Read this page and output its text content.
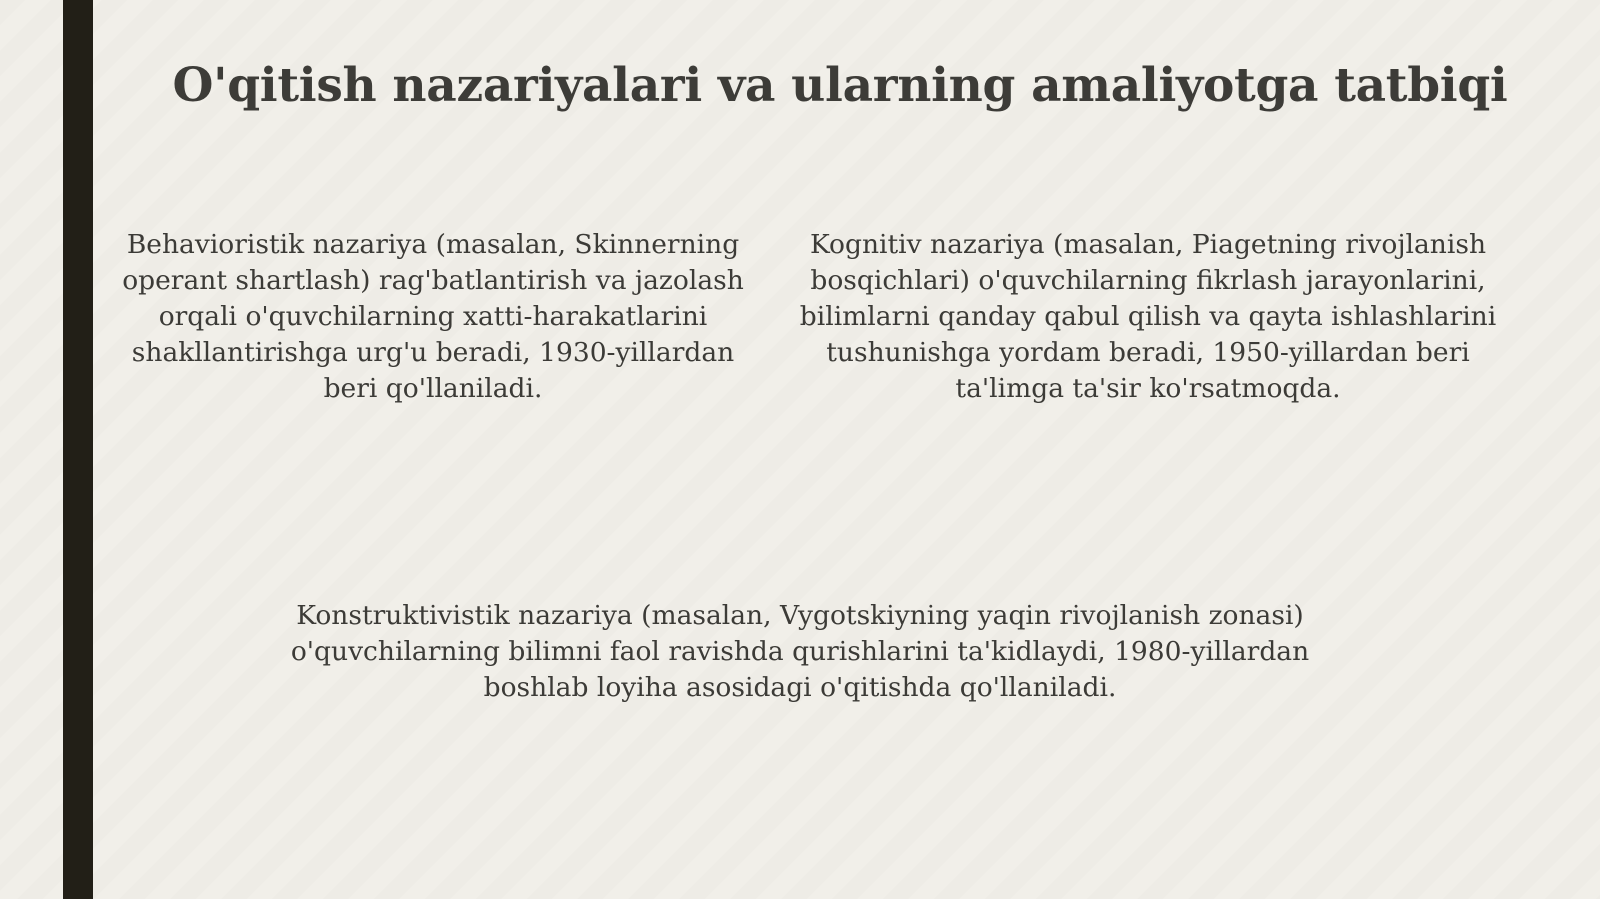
O'qitish nazariyalari va ularning amaliyotga tatbiqi
Behavioristik nazariya (masalan, Skinnerning operant shartlash) rag'batlantirish va jazolash orqali o'quvchilarning xatti-harakatlarini shakllantirishga urg'u beradi, 1930-yillardan beri qo'llaniladi.
Kognitiv nazariya (masalan, Piagetning rivojlanish bosqichlari) o'quvchilarning fikrlash jarayonlarini, bilimlarni qanday qabul qilish va qayta ishlashlarini tushunishga yordam beradi, 1950-yillardan beri ta'limga ta'sir ko'rsatmoqda.
Konstruktivistik nazariya (masalan, Vygotskiyning yaqin rivojlanish zonasi) o'quvchilarning bilimni faol ravishda qurishlarini ta'kidlaydi, 1980-yillardan boshlab loyiha asosidagi o'qitishda qo'llaniladi.
